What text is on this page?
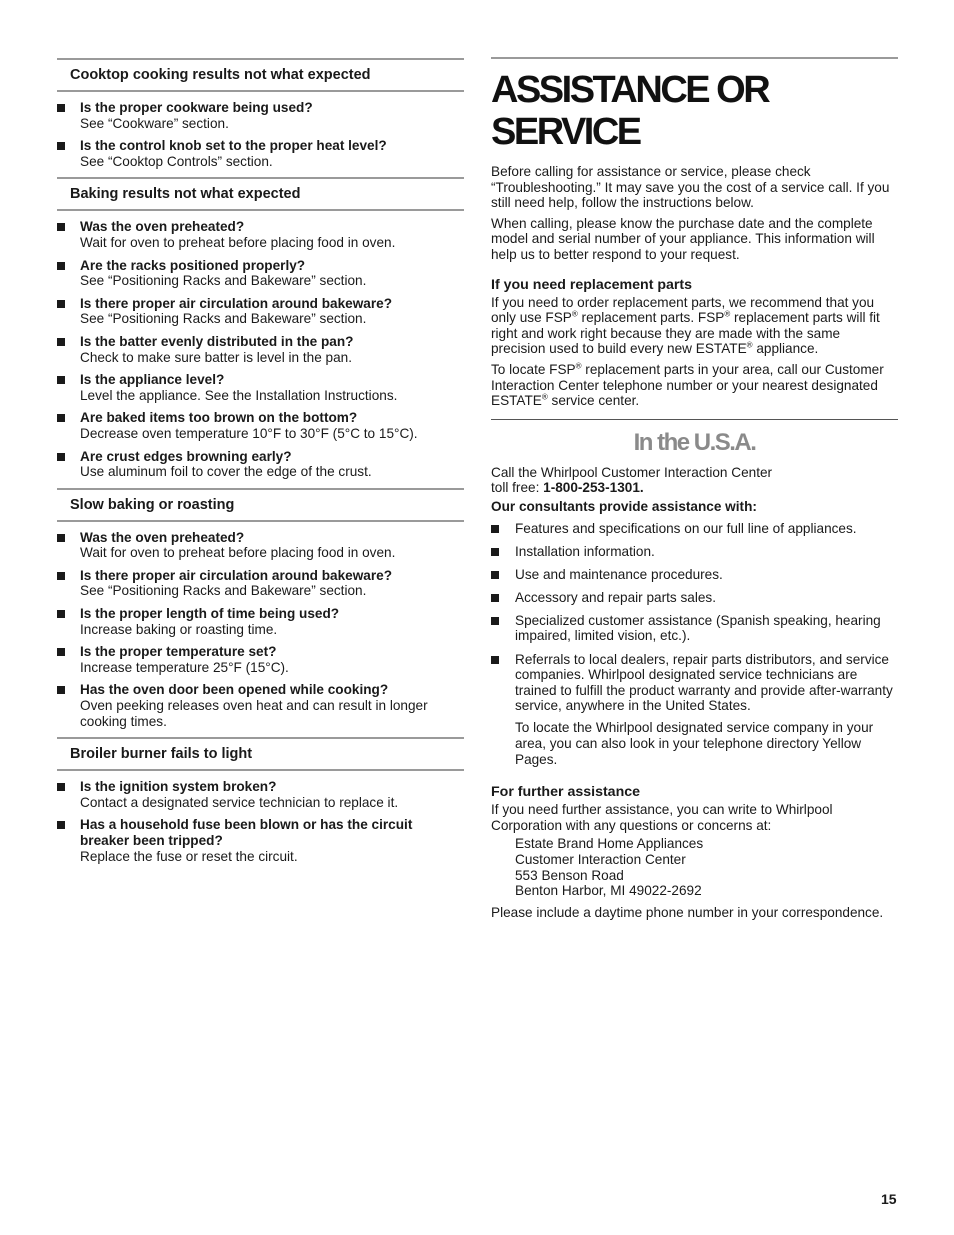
Cooktop cooking results not what expected
Is the proper cookware being used?
See “Cookware” section.
Is the control knob set to the proper heat level?
See “Cooktop Controls” section.
Baking results not what expected
Was the oven preheated?
Wait for oven to preheat before placing food in oven.
Are the racks positioned properly?
See “Positioning Racks and Bakeware” section.
Is there proper air circulation around bakeware?
See “Positioning Racks and Bakeware” section.
Is the batter evenly distributed in the pan?
Check to make sure batter is level in the pan.
Is the appliance level?
Level the appliance. See the Installation Instructions.
Are baked items too brown on the bottom?
Decrease oven temperature 10°F to 30°F (5°C to 15°C).
Are crust edges browning early?
Use aluminum foil to cover the edge of the crust.
Slow baking or roasting
Was the oven preheated?
Wait for oven to preheat before placing food in oven.
Is there proper air circulation around bakeware?
See “Positioning Racks and Bakeware” section.
Is the proper length of time being used?
Increase baking or roasting time.
Is the proper temperature set?
Increase temperature 25°F (15°C).
Has the oven door been opened while cooking?
Oven peeking releases oven heat and can result in longer cooking times.
Broiler burner fails to light
Is the ignition system broken?
Contact a designated service technician to replace it.
Has a household fuse been blown or has the circuit breaker been tripped?
Replace the fuse or reset the circuit.
ASSISTANCE OR SERVICE

Before calling for assistance or service, please check “Troubleshooting.” It may save you the cost of a service call. If you still need help, follow the instructions below.

When calling, please know the purchase date and the complete model and serial number of your appliance. This information will help us to better respond to your request.

If you need replacement parts

If you need to order replacement parts, we recommend that you only use FSP® replacement parts. FSP® replacement parts will fit right and work right because they are made with the same precision used to build every new ESTATE® appliance.

To locate FSP® replacement parts in your area, call our Customer Interaction Center telephone number or your nearest designated ESTATE® service center.

In the U.S.A.

Call the Whirlpool Customer Interaction Center
toll free: 1-800-253-1301.

Our consultants provide assistance with:

Features and specifications on our full line of appliances.
Installation information.
Use and maintenance procedures.
Accessory and repair parts sales.
Specialized customer assistance (Spanish speaking, hearing impaired, limited vision, etc.).
Referrals to local dealers, repair parts distributors, and service companies. Whirlpool designated service technicians are trained to fulfill the product warranty and provide after-warranty service, anywhere in the United States.

To locate the Whirlpool designated service company in your area, you can also look in your telephone directory Yellow Pages.

For further assistance

If you need further assistance, you can write to Whirlpool Corporation with any questions or concerns at:

Estate Brand Home Appliances
Customer Interaction Center
553 Benson Road
Benton Harbor, MI 49022-2692

Please include a daytime phone number in your correspondence.

15
